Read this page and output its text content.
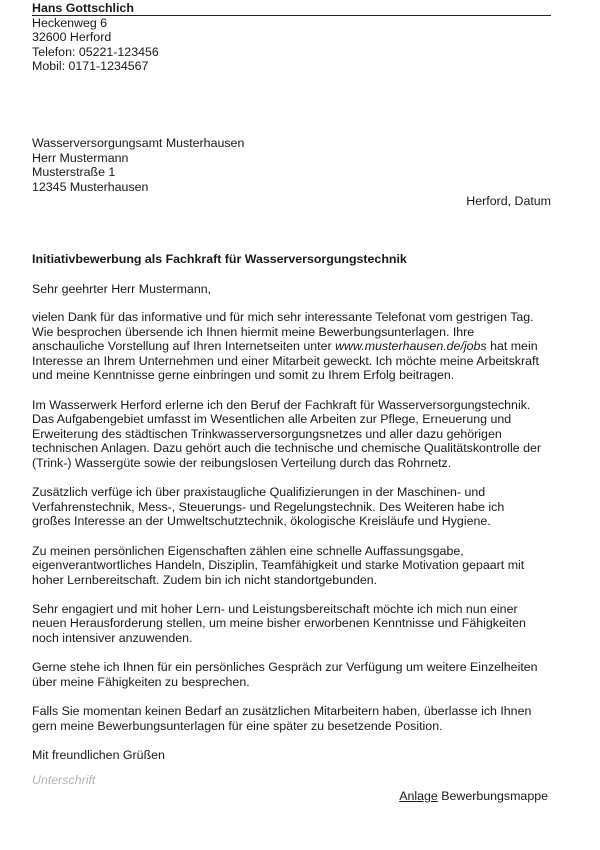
Hans Gottschlich
Heckenweg 6
32600 Herford
Telefon: 05221-123456
Mobil: 0171-1234567
Wasserversorgungsamt Musterhausen
Herr Mustermann
Musterstraße 1
12345 Musterhausen
Herford, Datum
Initiativbewerbung als Fachkraft für Wasserversorgungstechnik
Sehr geehrter Herr Mustermann,
vielen Dank für das informative und für mich sehr interessante Telefonat vom gestrigen Tag.
Wie besprochen übersende ich Ihnen hiermit meine Bewerbungsunterlagen. Ihre
anschauliche Vorstellung auf Ihren Internetseiten unter www.musterhausen.de/jobs hat mein
Interesse an Ihrem Unternehmen und einer Mitarbeit geweckt. Ich möchte meine Arbeitskraft
und meine Kenntnisse gerne einbringen und somit zu Ihrem Erfolg beitragen.
Im Wasserwerk Herford erlerne ich den Beruf der Fachkraft für Wasserversorgungstechnik.
Das Aufgabengebiet umfasst im Wesentlichen alle Arbeiten zur Pflege, Erneuerung und
Erweiterung des städtischen Trinkwasserversorgungsnetzes und aller dazu gehörigen
technischen Anlagen. Dazu gehört auch die technische und chemische Qualitätskontrolle der
(Trink-) Wassergüte sowie der reibungslosen Verteilung durch das Rohrnetz.
Zusätzlich verfüge ich über praxistaugliche Qualifizierungen in der Maschinen- und
Verfahrenstechnik, Mess-, Steuerungs- und Regelungstechnik. Des Weiteren habe ich
großes Interesse an der Umweltschutztechnik, ökologische Kreisläufe und Hygiene.
Zu meinen persönlichen Eigenschaften zählen eine schnelle Auffassungsgabe,
eigenverantwortliches Handeln, Disziplin, Teamfähigkeit und starke Motivation gepaart mit
hoher Lernbereitschaft. Zudem bin ich nicht standortgebunden.
Sehr engagiert und mit hoher Lern- und Leistungsbereitschaft möchte ich mich nun einer
neuen Herausforderung stellen, um meine bisher erworbenen Kenntnisse und Fähigkeiten
noch intensiver anzuwenden.
Gerne stehe ich Ihnen für ein persönliches Gespräch zur Verfügung um weitere Einzelheiten
über meine Fähigkeiten zu besprechen.
Falls Sie momentan keinen Bedarf an zusätzlichen Mitarbeitern haben, überlasse ich Ihnen
gern meine Bewerbungsunterlagen für eine später zu besetzende Position.
Mit freundlichen Grüßen
Unterschrift
Anlage Bewerbungsmappe
